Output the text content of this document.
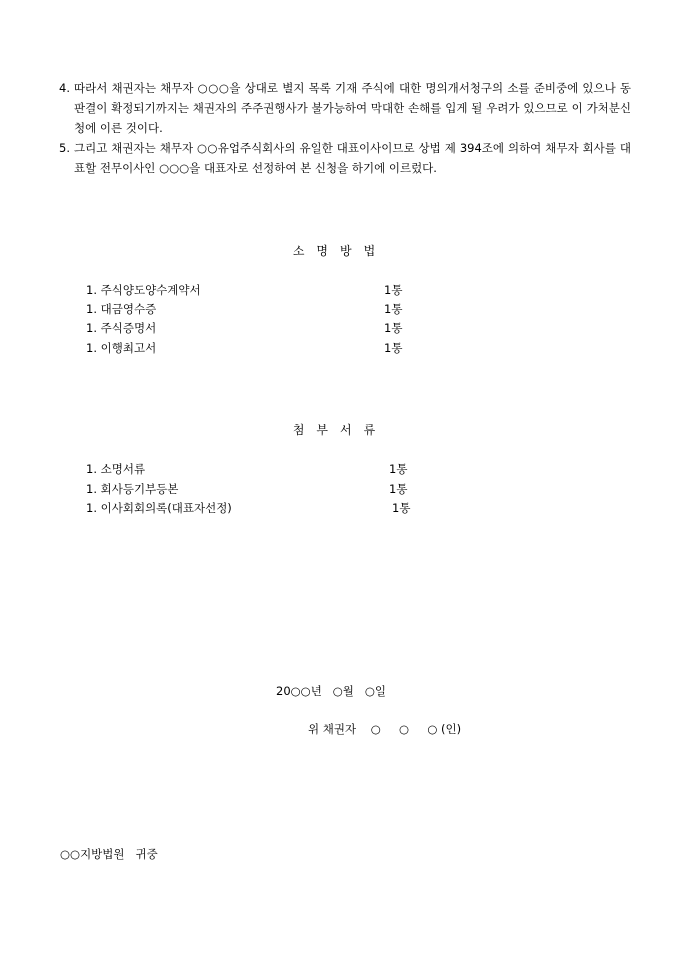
4. 따라서 채권자는 채무자 ○○○을 상대로 별지 목록 기재 주식에 대한 명의개서청구의 소를 준비중에 있으나 동 판결이 확정되기까지는 채권자의 주주권행사가 불가능하여 막대한 손해를 입게 될 우려가 있으므로 이 가처분신청에 이른 것이다.
5. 그리고 채권자는 채무자 ○○유업주식회사의 유일한 대표이사이므로 상법 제 394조에 의하여 채무자 회사를 대표할 전무이사인 ○○○을 대표자로 선정하여 본 신청을 하기에 이르렀다.
소명방법
1. 주식양도양수계약서	1통
1. 대금영수증	1통
1. 주식증명서	1통
1. 이행최고서	1통
첨부서류
1. 소명서류	1통
1. 회사등기부등본	1통
1. 이사회회의록(대표자선정)	1통
20○○년   ○월   ○일
위 채권자    ○     ○     ○ (인)
○○지방법원   귀중
